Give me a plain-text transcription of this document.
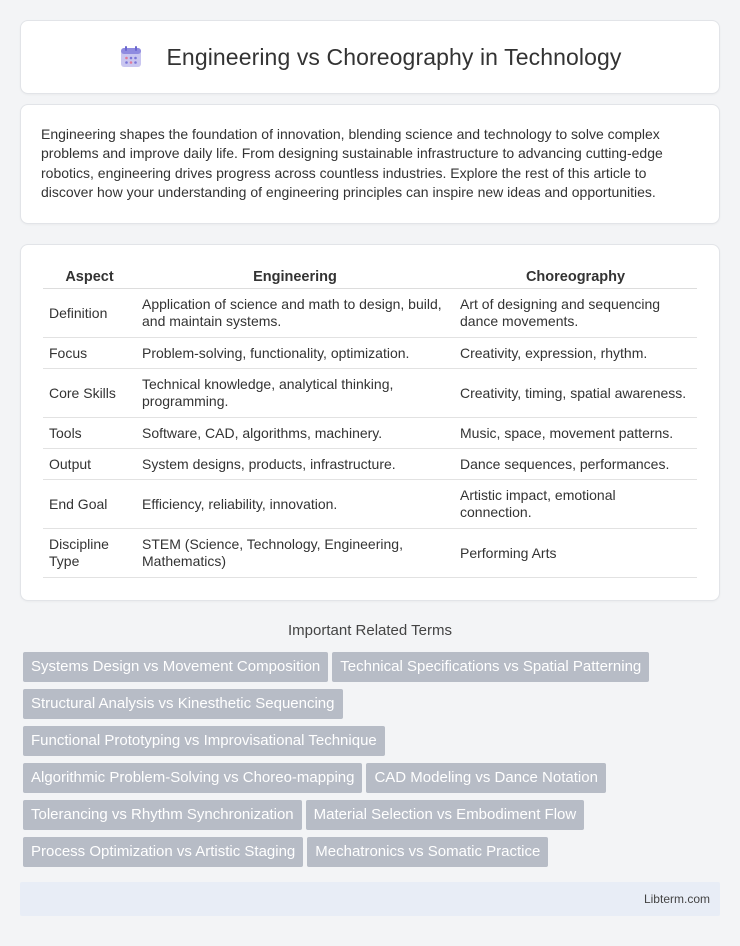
Engineering vs Choreography in Technology

Engineering shapes the foundation of innovation, blending science and technology to solve complex problems and improve daily life. From designing sustainable infrastructure to advancing cutting-edge robotics, engineering drives progress across countless industries. Explore the rest of this article to discover how your understanding of engineering principles can inspire new ideas and opportunities.

Aspect	Engineering	Choreography
Definition	Application of science and math to design, build, and maintain systems.	Art of designing and sequencing dance movements.
Focus	Problem-solving, functionality, optimization.	Creativity, expression, rhythm.
Core Skills	Technical knowledge, analytical thinking, programming.	Creativity, timing, spatial awareness.
Tools	Software, CAD, algorithms, machinery.	Music, space, movement patterns.
Output	System designs, products, infrastructure.	Dance sequences, performances.
End Goal	Efficiency, reliability, innovation.	Artistic impact, emotional connection.
Discipline Type	STEM (Science, Technology, Engineering, Mathematics)	Performing Arts
Important Related Terms
Systems Design vs Movement Composition Technical Specifications vs Spatial Patterning
Structural Analysis vs Kinesthetic Sequencing
Functional Prototyping vs Improvisational Technique
Algorithmic Problem-Solving vs Choreo-mapping CAD Modeling vs Dance Notation
Tolerancing vs Rhythm Synchronization Material Selection vs Embodiment Flow
Process Optimization vs Artistic Staging Mechatronics vs Somatic Practice
Libterm.com
